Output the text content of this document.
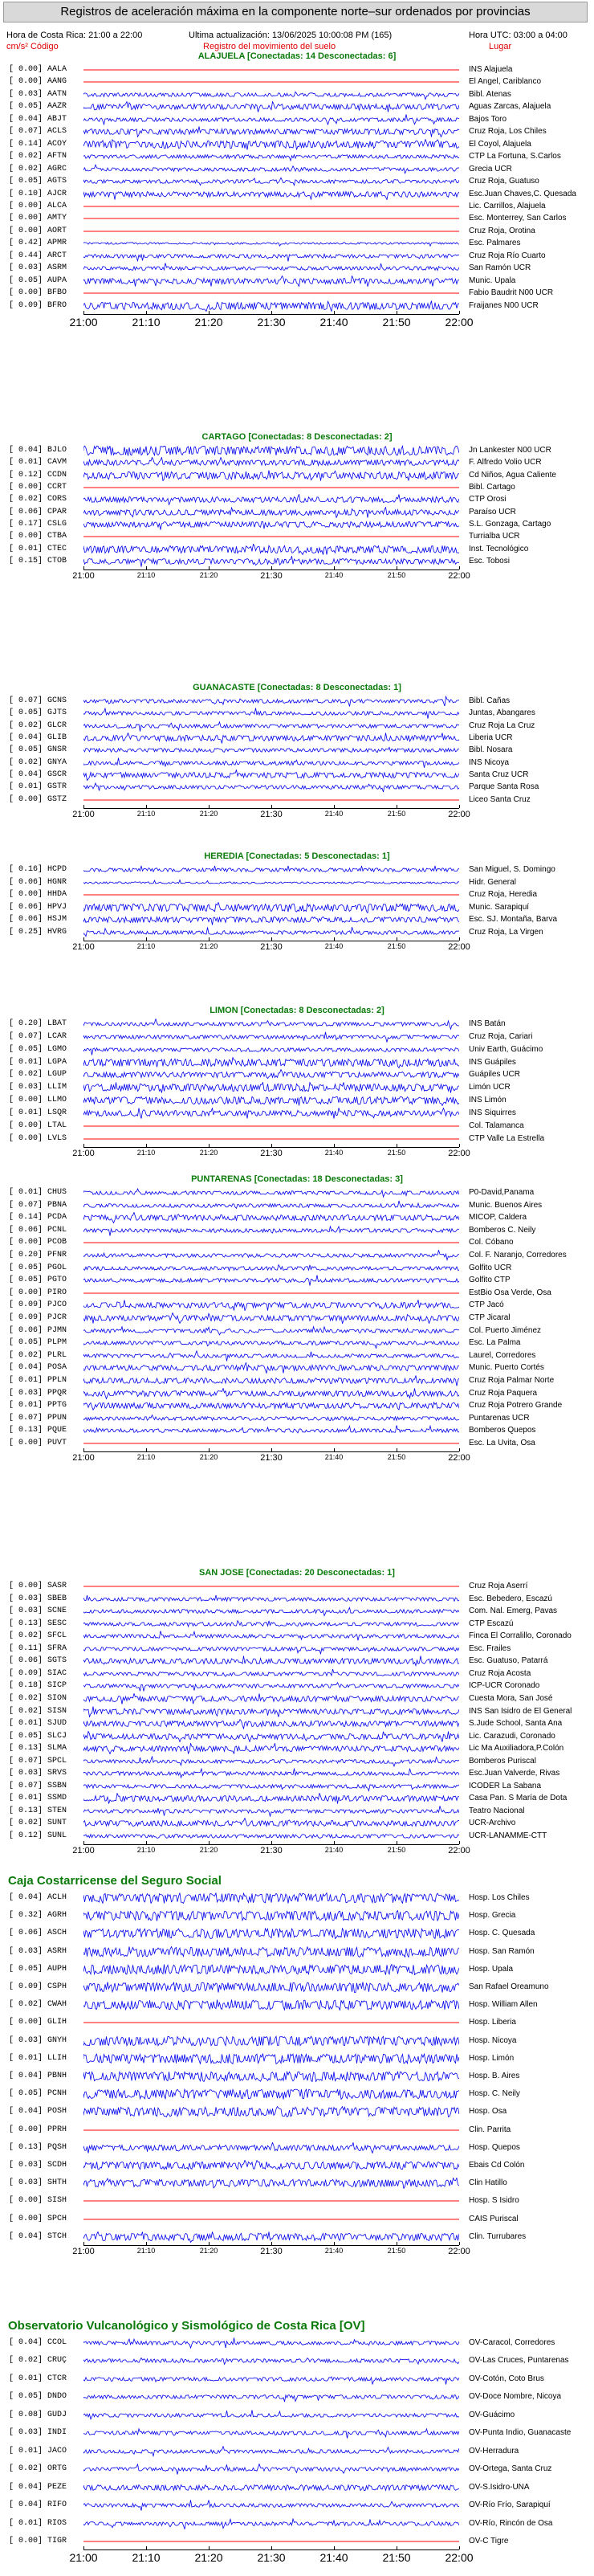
Registros de aceleración máxima en la componente norte–sur ordenados por provincias
Hora de Costa Rica: 21:00 a 22:00	Ultima actualización: 13/06/2025 10:00:08 PM (165)	Hora UTC: 03:00 a 04:00
cm/s² Código	Registro del movimiento del suelo	Lugar
ALAJUELA [Conectadas: 14 Desconectadas: 6]
[ 0.00] AALA	INS Alajuela
[ 0.00] AANG	El Angel, Cariblanco
[ 0.03] AATN	Bibl. Atenas
[ 0.05] AAZR	Aguas Zarcas, Alajuela
[ 0.04] ABJT	Bajos Toro
[ 0.07] ACLS	Cruz Roja, Los Chiles
[ 0.14] ACOY	El Coyol, Alajuela
[ 0.02] AFTN	CTP La Fortuna, S.Carlos
[ 0.02] AGRC	Grecia UCR
[ 0.05] AGTS	Cruz Roja, Guatuso
[ 0.10] AJCR	Esc.Juan Chaves,C. Quesada
[ 0.00] ALCA	Lic. Carrillos, Alajuela
[ 0.00] AMTY	Esc. Monterrey, San Carlos
[ 0.00] AORT	Cruz Roja, Orotina
[ 0.42] APMR	Esc. Palmares
[ 0.44] ARCT	Cruz Roja Río Cuarto
[ 0.03] ASRM	San Ramón UCR
[ 0.05] AUPA	Munic. Upala
[ 0.00] BFBO	Fabio Baudrit N00 UCR
[ 0.09] BFRO	Fraijanes N00 UCR
21:00	21:10	21:20	21:30	21:40	21:50	22:00
CARTAGO [Conectadas: 8 Desconectadas: 2]
[ 0.04] BJLO	Jn Lankester N00 UCR
[ 0.01] CAVM	F. Alfredo Volio UCR
[ 0.12] CCDN	Cd Niños, Agua Caliente
[ 0.00] CCRT	Bibl. Cartago
[ 0.02] CORS	CTP Orosi
[ 0.06] CPAR	Paraíso UCR
[ 0.17] CSLG	S.L. Gonzaga, Cartago
[ 0.00] CTBA	Turrialba UCR
[ 0.01] CTEC	Inst. Tecnológico
[ 0.15] CTOB	Esc. Tobosi
21:00	21:10	21:20	21:30	21:40	21:50	22:00
GUANACASTE [Conectadas: 8 Desconectadas: 1]
[ 0.07] GCNS	Bibl. Cañas
[ 0.05] GJTS	Juntas, Abangares
[ 0.02] GLCR	Cruz Roja La Cruz
[ 0.04] GLIB	Liberia UCR
[ 0.05] GNSR	Bibl. Nosara
[ 0.02] GNYA	INS Nicoya
[ 0.04] GSCR	Santa Cruz UCR
[ 0.01] GSTR	Parque Santa Rosa
[ 0.00] GSTZ	Liceo Santa Cruz
21:00	21:10	21:20	21:30	21:40	21:50	22:00
HEREDIA [Conectadas: 5 Desconectadas: 1]
[ 0.16] HCPD	San Miguel, S. Domingo
[ 0.06] HGNR	Hidr. General
[ 0.00] HHDA	Cruz Roja, Heredia
[ 0.06] HPVJ	Munic. Sarapiquí
[ 0.06] HSJM	Esc. SJ. Montaña, Barva
[ 0.25] HVRG	Cruz Roja, La Virgen
21:00	21:10	21:20	21:30	21:40	21:50	22:00
LIMON [Conectadas: 8 Desconectadas: 2]
[ 0.20] LBAT	INS Batán
[ 0.07] LCAR	Cruz Roja, Cariari
[ 0.05] LGMO	Univ Earth, Guácimo
[ 0.01] LGPA	INS Guápiles
[ 0.02] LGUP	Guápiles UCR
[ 0.03] LLIM	Limón UCR
[ 0.00] LLMO	INS Limón
[ 0.01] LSQR	INS Siquirres
[ 0.00] LTAL	Col. Talamanca
[ 0.00] LVLS	CTP Valle La Estrella
21:00	21:10	21:20	21:30	21:40	21:50	22:00
PUNTARENAS [Conectadas: 18 Desconectadas: 3]
[ 0.01] CHUS	P0-David,Panama
[ 0.07] PBNA	Munic. Buenos Aires
[ 0.14] PCDA	MICOP, Caldera
[ 0.06] PCNL	Bomberos C. Neily
[ 0.00] PCOB	Col. Cóbano
[ 0.20] PFNR	Col. F. Naranjo, Corredores
[ 0.05] PGOL	Golfito UCR
[ 0.05] PGTO	Golfito CTP
[ 0.00] PIRO	EstBio Osa Verde, Osa
[ 0.09] PJCO	CTP Jacó
[ 0.09] PJCR	CTP Jicaral
[ 0.06] PJMN	Col. Puerto Jiménez
[ 0.05] PLPM	Esc. La Palma
[ 0.02] PLRL	Laurel, Corredores
[ 0.04] POSA	Munic. Puerto Cortés
[ 0.01] PPLN	Cruz Roja Palmar Norte
[ 0.03] PPQR	Cruz Roja Paquera
[ 0.01] PPTG	Cruz Roja Potrero Grande
[ 0.07] PPUN	Puntarenas UCR
[ 0.13] PQUE	Bomberos Quepos
[ 0.00] PUVT	Esc. La Uvita, Osa
21:00	21:10	21:20	21:30	21:40	21:50	22:00
SAN JOSE [Conectadas: 20 Desconectadas: 1]
[ 0.00] SASR	Cruz Roja Aserrí
[ 0.03] SBEB	Esc. Bebedero, Escazú
[ 0.03] SCNE	Com. Nal. Emerg, Pavas
[ 0.13] SESC	CTP Escazú
[ 0.02] SFCL	Finca El Corralillo, Coronado
[ 0.11] SFRA	Esc. Frailes
[ 0.06] SGTS	Esc. Guatuso, Patarrá
[ 0.09] SIAC	Cruz Roja Acosta
[ 0.18] SICP	ICP-UCR Coronado
[ 0.02] SION	Cuesta Mora, San José
[ 0.02] SISN	INS San Isidro de El General
[ 0.01] SJUD	S.Jude School, Santa Ana
[ 0.05] SLCJ	Lic. Carazudi, Coronado
[ 0.13] SLMA	Lic Ma Auxiliadora,P.Colón
[ 0.07] SPCL	Bomberos Puriscal
[ 0.03] SRVS	Esc.Juan Valverde, Rivas
[ 0.07] SSBN	ICODER La Sabana
[ 0.01] SSMD	Casa Pan. S María de Dota
[ 0.13] STEN	Teatro Nacional
[ 0.02] SUNT	UCR-Archivo
[ 0.12] SUNL	UCR-LANAMME-CTT
21:00	21:10	21:20	21:30	21:40	21:50	22:00
Caja Costarricense del Seguro Social
[ 0.04] ACLH	Hosp. Los Chiles
[ 0.32] AGRH	Hosp. Grecia
[ 0.06] ASCH	Hosp. C. Quesada
[ 0.03] ASRH	Hosp. San Ramón
[ 0.05] AUPH	Hosp. Upala
[ 0.09] CSPH	San Rafael Oreamuno
[ 0.02] CWAH	Hosp. William Allen
[ 0.00] GLIH	Hosp. Liberia
[ 0.03] GNYH	Hosp. Nicoya
[ 0.01] LLIH	Hosp. Limón
[ 0.04] PBNH	Hosp. B. Aires
[ 0.05] PCNH	Hosp. C. Neily
[ 0.04] POSH	Hosp. Osa
[ 0.00] PPRH	Clin. Parrita
[ 0.13] PQSH	Hosp. Quepos
[ 0.03] SCDH	Ebais Cd Colón
[ 0.03] SHTH	Clin Hatillo
[ 0.00] SISH	Hosp. S Isidro
[ 0.00] SPCH	CAIS Puriscal
[ 0.04] STCH	Clin. Turrubares
21:00	21:10	21:20	21:30	21:40	21:50	22:00
Observatorio Vulcanológico y Sismológico de Costa Rica [OV]
[ 0.04] CCOL	OV-Caracol, Corredores
[ 0.02] CRUÇ	OV-Las Cruces, Puntarenas
[ 0.01] CTCR	OV-Cotón, Coto Brus
[ 0.05] DNDO	OV-Doce Nombre, Nicoya
[ 0.08] GUDJ	OV-Guácimo
[ 0.03] INDI	OV-Punta Indio, Guanacaste
[ 0.01] JACO	OV-Herradura
[ 0.02] ORTG	OV-Ortega, Santa Cruz
[ 0.04] PEZE	OV-S.Isidro-UNA
[ 0.04] RIFO	OV-Río Frío, Sarapiquí
[ 0.01] RIOS	OV-Río, Rincón de Osa
[ 0.00] TIGR	OV-C Tigre
21:00	21:10	21:20	21:30	21:40	21:50	22:00
